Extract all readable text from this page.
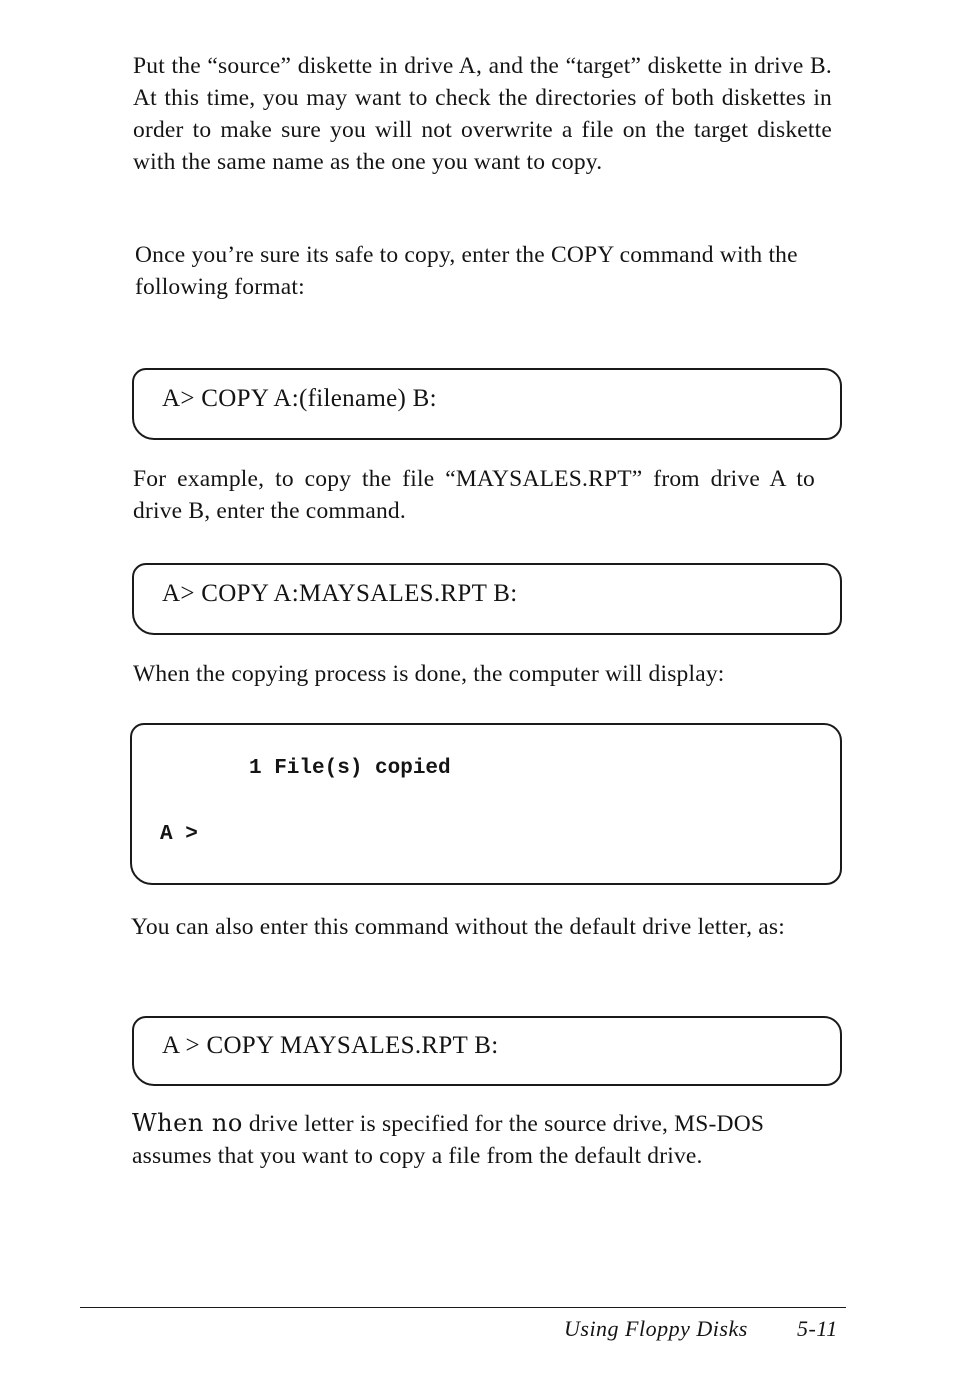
Put the “source” diskette in drive A, and the “target” diskette in drive B. At this time, you may want to check the directories of both diskettes in order to make sure you will not overwrite a file on the target diskette with the same name as the one you want to copy.

Once you’re sure its safe to copy, enter the COPY command with the following format:

A> COPY A:(filename) B:

For example, to copy the file “MAYSALES.RPT” from drive A to drive B, enter the command.

A> COPY A:MAYSALES.RPT B:

When the copying process is done, the computer will display:

1 File(s) copied
A >

You can also enter this command without the default drive letter, as:

A > COPY MAYSALES.RPT B:

When no drive letter is specified for the source drive, MS-DOS assumes that you want to copy a file from the default drive.

Using Floppy Disks 5-11
